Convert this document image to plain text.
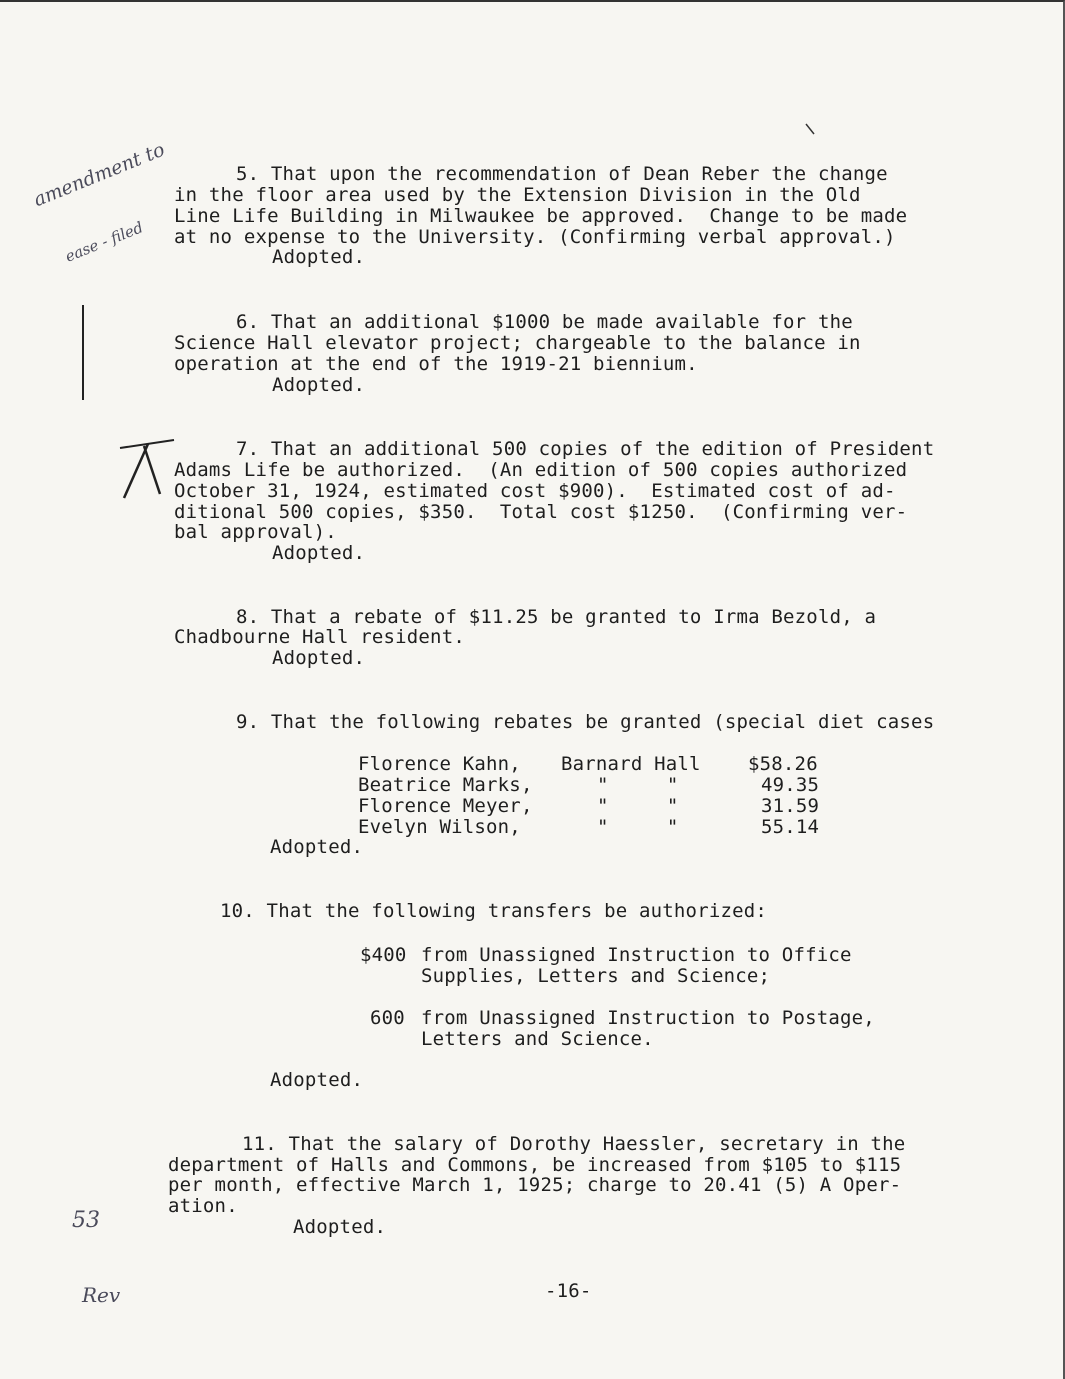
amendment to

ease - filed

5. That upon the recommendation of Dean Reber the change
in the floor area used by the Extension Division in the Old
Line Life Building in Milwaukee be approved.  Change to be made
at no expense to the University. (Confirming verbal approval.)
Adopted.
6. That an additional $1000 be made available for the
Science Hall elevator project; chargeable to the balance in
operation at the end of the 1919-21 biennium.
Adopted.
7. That an additional 500 copies of the edition of President
Adams Life be authorized.  (An edition of 500 copies authorized
October 31, 1924, estimated cost $900).  Estimated cost of ad-
ditional 500 copies, $350.  Total cost $1250.  (Confirming ver-
bal approval).
Adopted.
8. That a rebate of $11.25 be granted to Irma Bezold, a
Chadbourne Hall resident.
Adopted.
9. That the following rebates be granted (special diet cases
Florence Kahn, Barnard Hall $58.26
Beatrice Marks,	"     "	49.35
Florence Meyer,	"     "	31.59
Evelyn Wilson,	"     "	55.14
Adopted.
10. That the following transfers be authorized:
$400 from Unassigned Instruction to Office
Supplies, Letters and Science;
600 from Unassigned Instruction to Postage,
Letters and Science.
Adopted.
11. That the salary of Dorothy Haessler, secretary in the
department of Halls and Commons, be increased from $105 to $115
per month, effective March 1, 1925; charge to 20.41 (5) A Oper-
ation.
Adopted.

53

Rev	-16-
